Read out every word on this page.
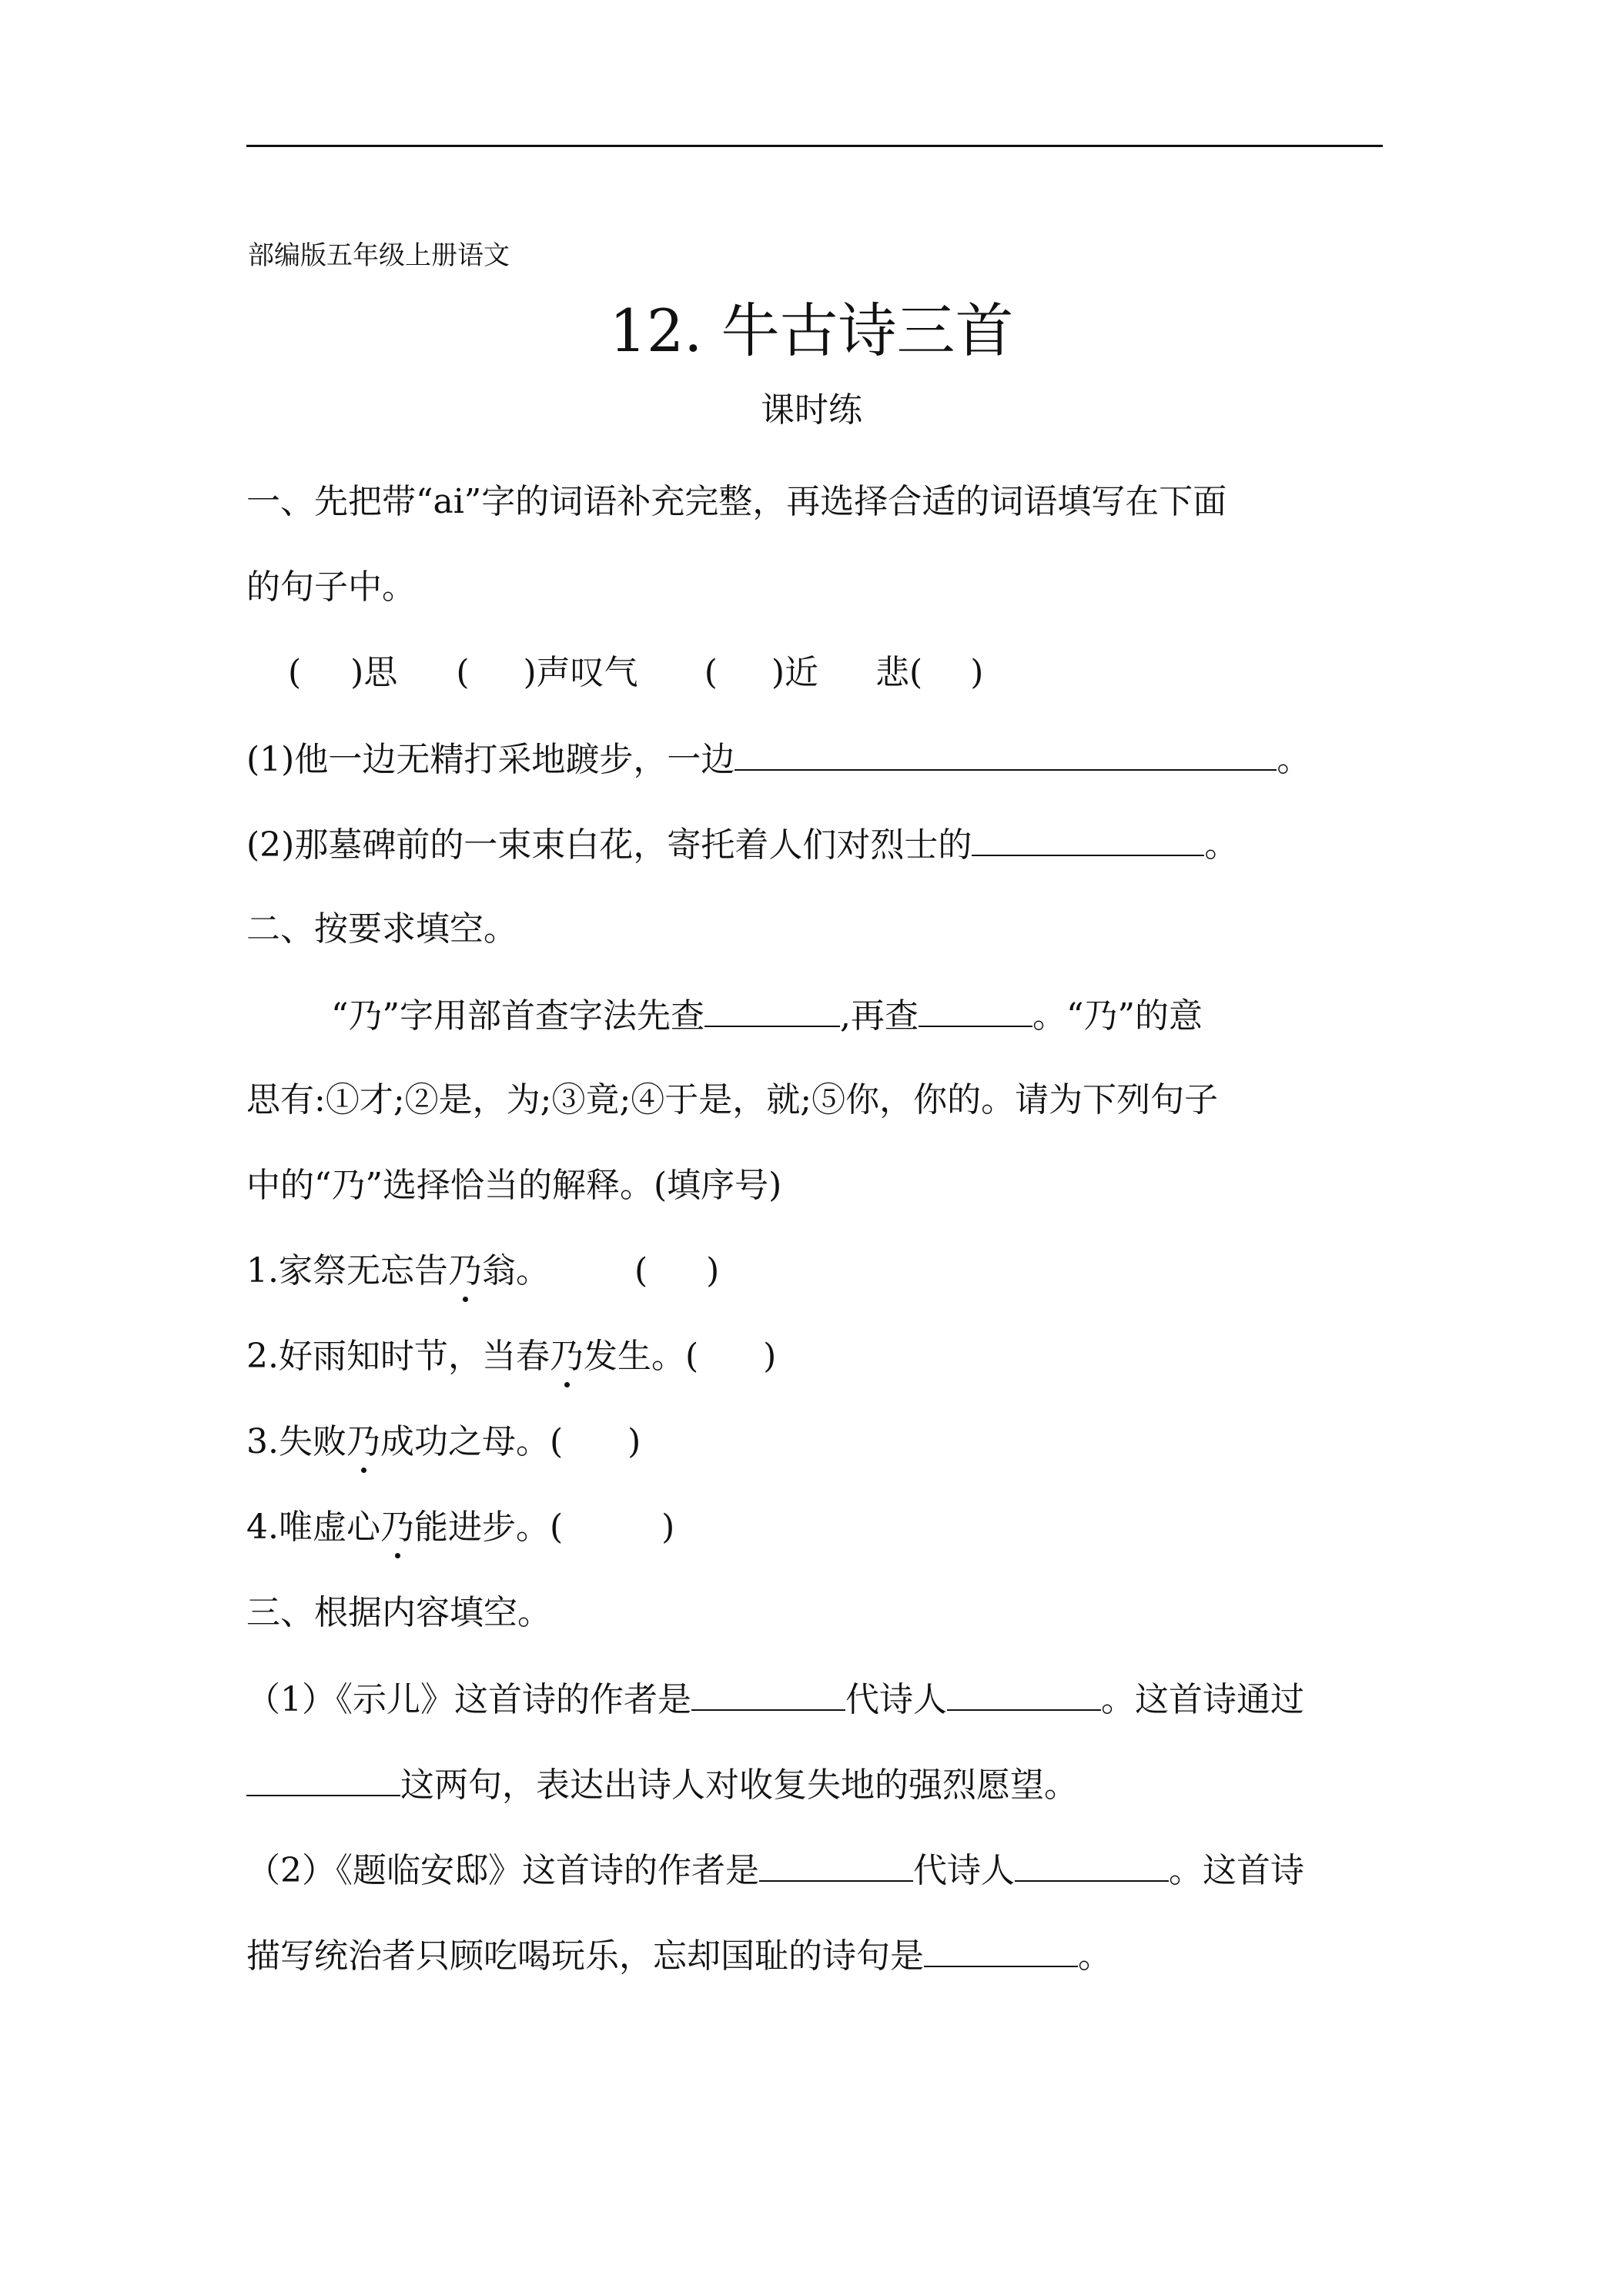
部编版五年级上册语文
12. 牛古诗三首
课时练
一、先把带“ai”字的词语补充完整，再选择合适的词语填写在下面
的句子中。
( )思 ( )声叹气 ( )近 悲( )
(1)他一边无精打采地踱步，一边	。
(2)那墓碑前的一束束白花，寄托着人们对烈士的	。
二、按要求填空。
“乃”字用部首查字法先查	,再查	。“乃”的意
思有:①才;②是，为;③竟;④于是，就;⑤你，你的。请为下列句子
中的“乃”选择恰当的解释。(填序号)
1.家祭无忘告乃翁。	( )
2.好雨知时节，当春乃发生。( )
3.失败乃成功之母。( )
4.唯虚心乃能进步。(	)
三、根据内容填空。
（1）《示儿》这首诗的作者是	代诗人	。这首诗通过
这两句，表达出诗人对收复失地的强烈愿望。
（2）《题临安邸》这首诗的作者是	代诗人	。这首诗
描写统治者只顾吃喝玩乐，忘却国耻的诗句是	。
